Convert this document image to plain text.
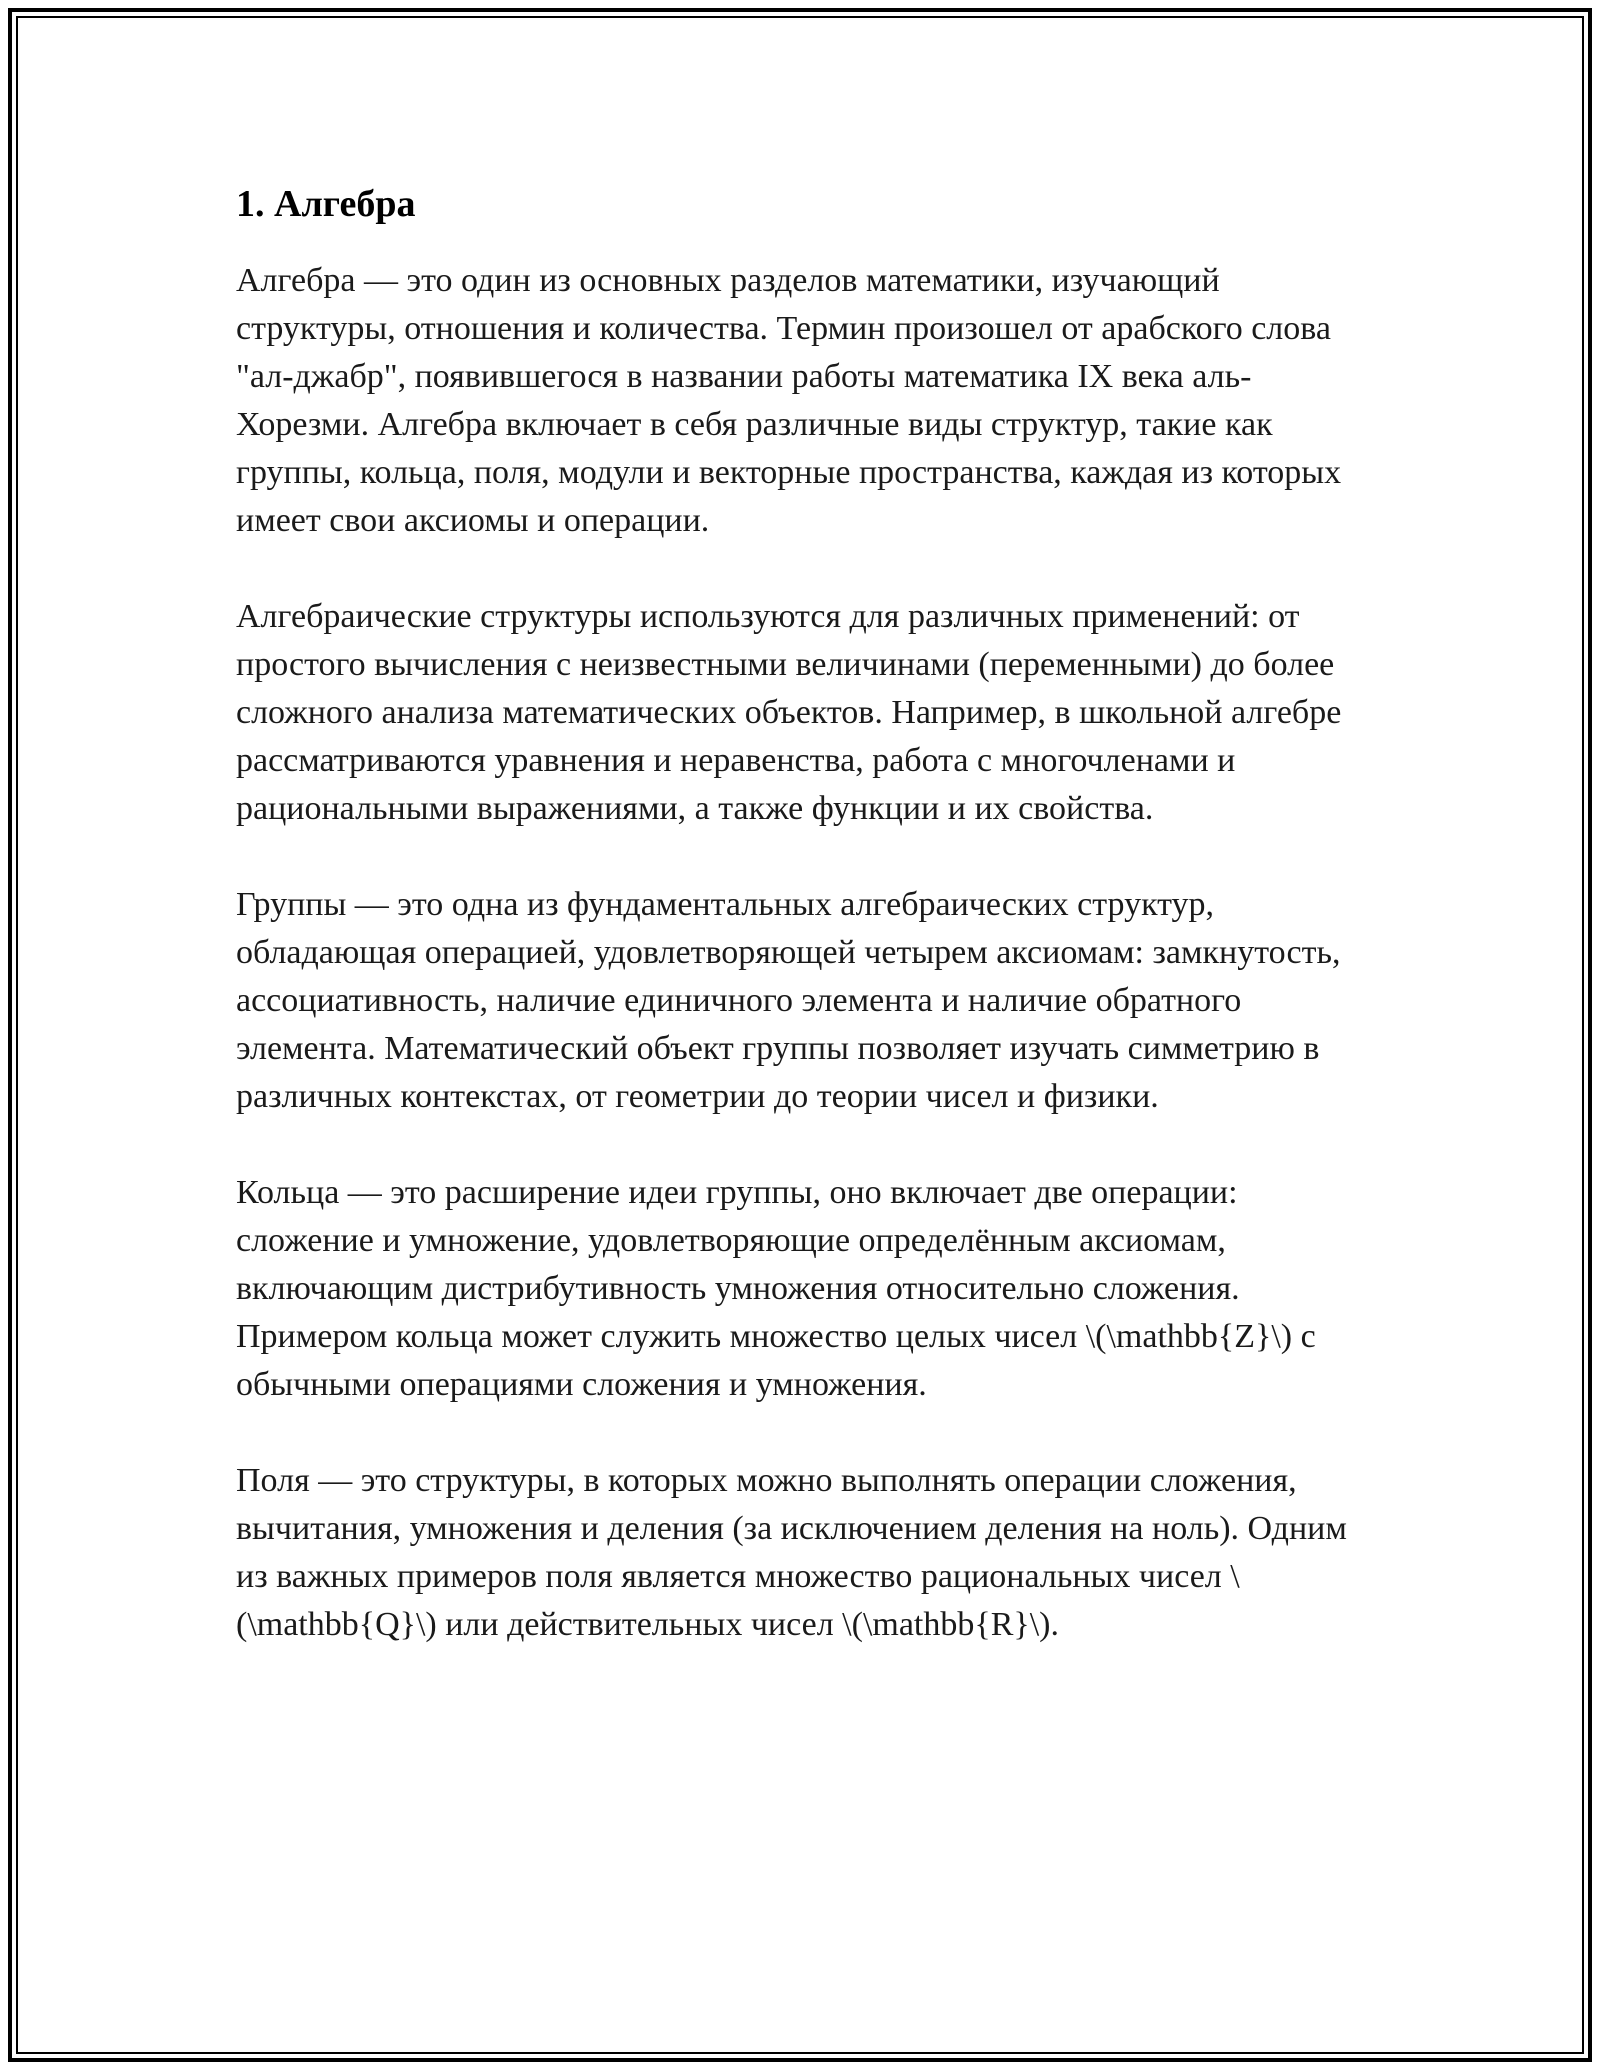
1. Алгебра

Алгебра — это один из основных разделов математики, изучающий структуры, отношения и количества. Термин произошел от арабского слова "ал-джабр", появившегося в названии работы математика IX века аль-Хорезми. Алгебра включает в себя различные виды структур, такие как группы, кольца, поля, модули и векторные пространства, каждая из которых имеет свои аксиомы и операции.

Алгебраические структуры используются для различных применений: от простого вычисления с неизвестными величинами (переменными) до более сложного анализа математических объектов. Например, в школьной алгебре рассматриваются уравнения и неравенства, работа с многочленами и рациональными выражениями, а также функции и их свойства.

Группы — это одна из фундаментальных алгебраических структур, обладающая операцией, удовлетворяющей четырем аксиомам: замкнутость, ассоциативность, наличие единичного элемента и наличие обратного элемента. Математический объект группы позволяет изучать симметрию в различных контекстах, от геометрии до теории чисел и физики.

Кольца — это расширение идеи группы, оно включает две операции: сложение и умножение, удовлетворяющие определённым аксиомам, включающим дистрибутивность умножения относительно сложения. Примером кольца может служить множество целых чисел \(\mathbb{Z}\) с обычными операциями сложения и умножения.

Поля — это структуры, в которых можно выполнять операции сложения, вычитания, умножения и деления (за исключением деления на ноль). Одним из важных примеров поля является множество рациональных чисел \(\mathbb{Q}\) или действительных чисел \(\mathbb{R}\).
